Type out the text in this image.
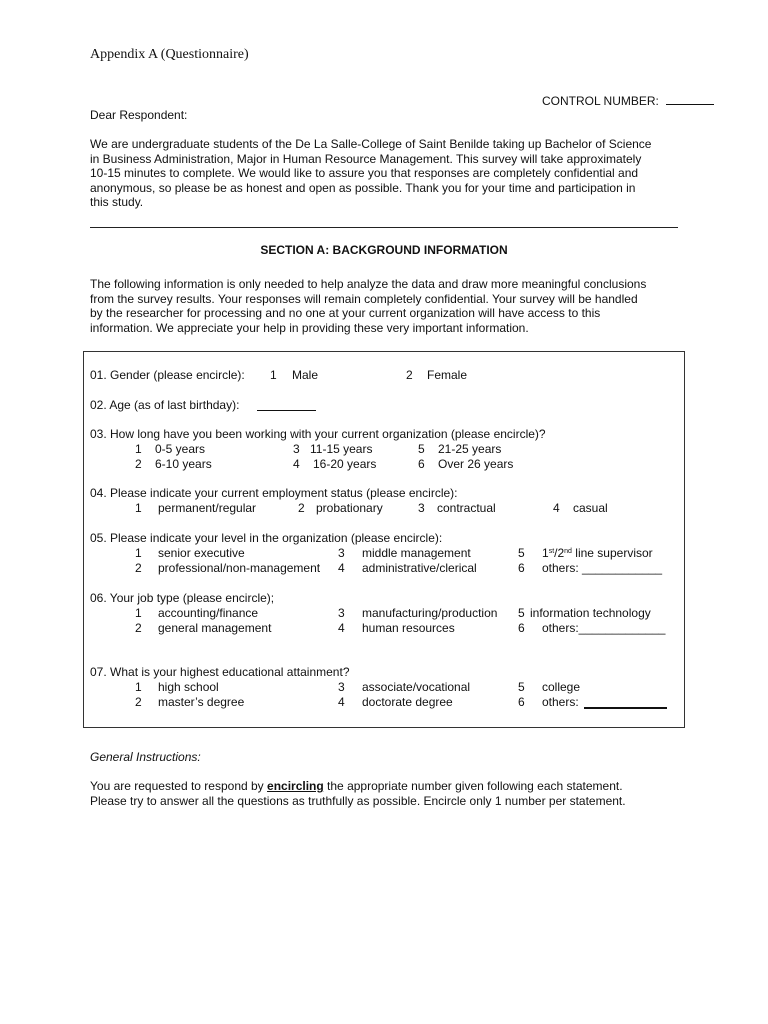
Appendix A (Questionnaire)
CONTROL NUMBER:
Dear Respondent:
We are undergraduate students of the De La Salle-College of Saint Benilde taking up Bachelor of Science
in Business Administration, Major in Human Resource Management. This survey will take approximately
10-15 minutes to complete. We would like to assure you that responses are completely confidential and
anonymous, so please be as honest and open as possible. Thank you for your time and participation in
this study.
SECTION A: BACKGROUND INFORMATION
The following information is only needed to help analyze the data and draw more meaningful conclusions
from the survey results. Your responses will remain completely confidential. Your survey will be handled
by the researcher for processing and no one at your current organization will have access to this
information. We appreciate your help in providing these very important information.
01. Gender (please encircle): 1 Male	2 Female
02. Age (as of last birthday):
03. How long have you been working with your current organization (please encircle)?
1 0-5 years	3 11-15 years	5 21-25 years
2 6-10 years	4 16-20 years	6 Over 26 years
04. Please indicate your current employment status (please encircle):
1 permanent/regular	2 probationary	3 contractual	4 casual
05. Please indicate your level in the organization (please encircle):
1 senior executive	3 middle management	5 1st/2nd line supervisor
2 professional/non-management 4 administrative/clerical	6 others: ____________
06. Your job type (please encircle);
1 accounting/finance	3 manufacturing/production 5 information technology
2 general management	4 human resources	6 others:_____________
07. What is your highest educational attainment?
1 high school	3 associate/vocational	5 college
2 master’s degree	4 doctorate degree	6 others:
General Instructions:
You are requested to respond by encircling the appropriate number given following each statement.
Please try to answer all the questions as truthfully as possible. Encircle only 1 number per statement.
